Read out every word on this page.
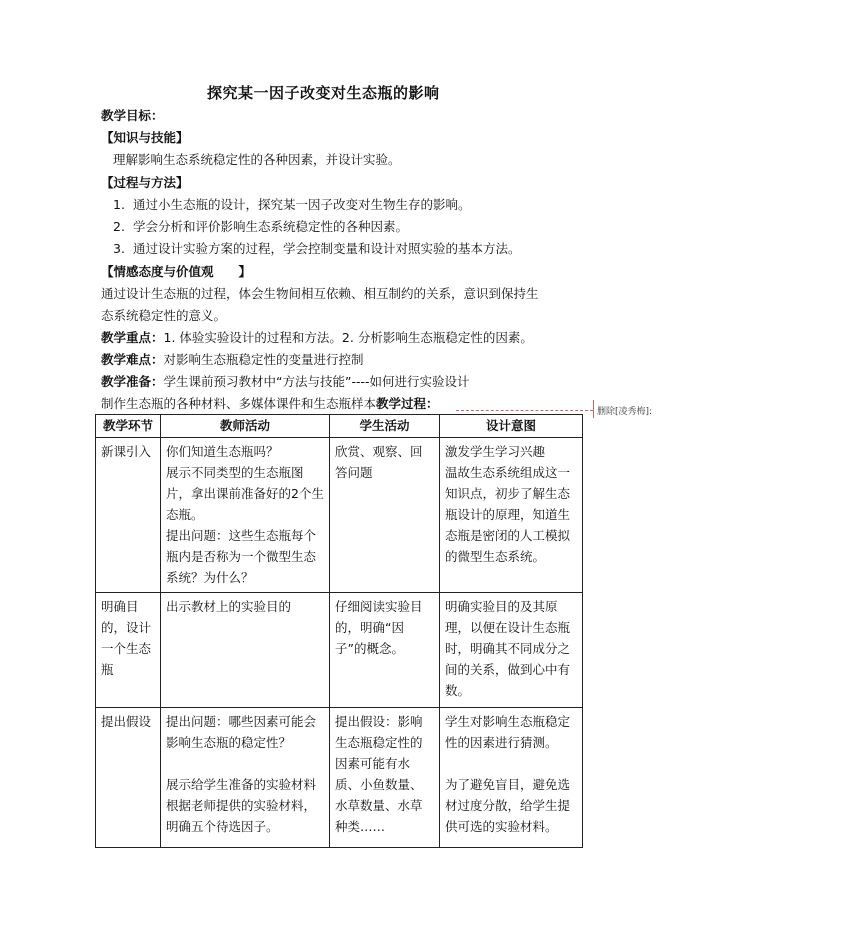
探究某一因子改变对生态瓶的影响
教学目标：
【知识与技能】
理解影响生态系统稳定性的各种因素，并设计实验。
【过程与方法】
1. 通过小生态瓶的设计，探究某一因子改变对生物生存的影响。
2. 学会分析和评价影响生态系统稳定性的各种因素。
3. 通过设计实验方案的过程，学会控制变量和设计对照实验的基本方法。
【情感态度与价值观　　】
通过设计生态瓶的过程，体会生物间相互依赖、相互制约的关系，意识到保持生
态系统稳定性的意义。
教学重点：1. 体验实验设计的过程和方法。2. 分析影响生态瓶稳定性的因素。
教学难点：对影响生态瓶稳定性的变量进行控制
教学准备：学生课前预习教材中“方法与技能”----如何进行实验设计
制作生态瓶的各种材料、多媒体课件和生态瓶样本教学过程：
删除[凌秀梅]:
教学环节	教师活动	学生活动	设计意图

新课引入	你们知道生态瓶吗？
展示不同类型的生态瓶图片，拿出课前准备好的2个生态瓶。
提出问题：这些生态瓶每个瓶内是否称为一个微型生态系统？为什么？	欣赏、观察、回答问题	激发学生学习兴趣
温故生态系统组成这一知识点，初步了解生态瓶设计的原理，知道生态瓶是密闭的人工模拟的微型生态系统。

明确目的，设计一个生态瓶	出示教材上的实验目的	仔细阅读实验目的，明确“因子”的概念。	明确实验目的及其原理，以便在设计生态瓶时，明确其不同成分之间的关系，做到心中有数。

提出假设	提出问题：哪些因素可能会影响生态瓶的稳定性？

展示给学生准备的实验材料
根据老师提供的实验材料，明确五个待选因子。	提出假设：影响生态瓶稳定性的因素可能有水质、小鱼数量、水草数量、水草种类……	学生对影响生态瓶稳定性的因素进行猜测。

为了避免盲目，避免选材过度分散，给学生提供可选的实验材料。
